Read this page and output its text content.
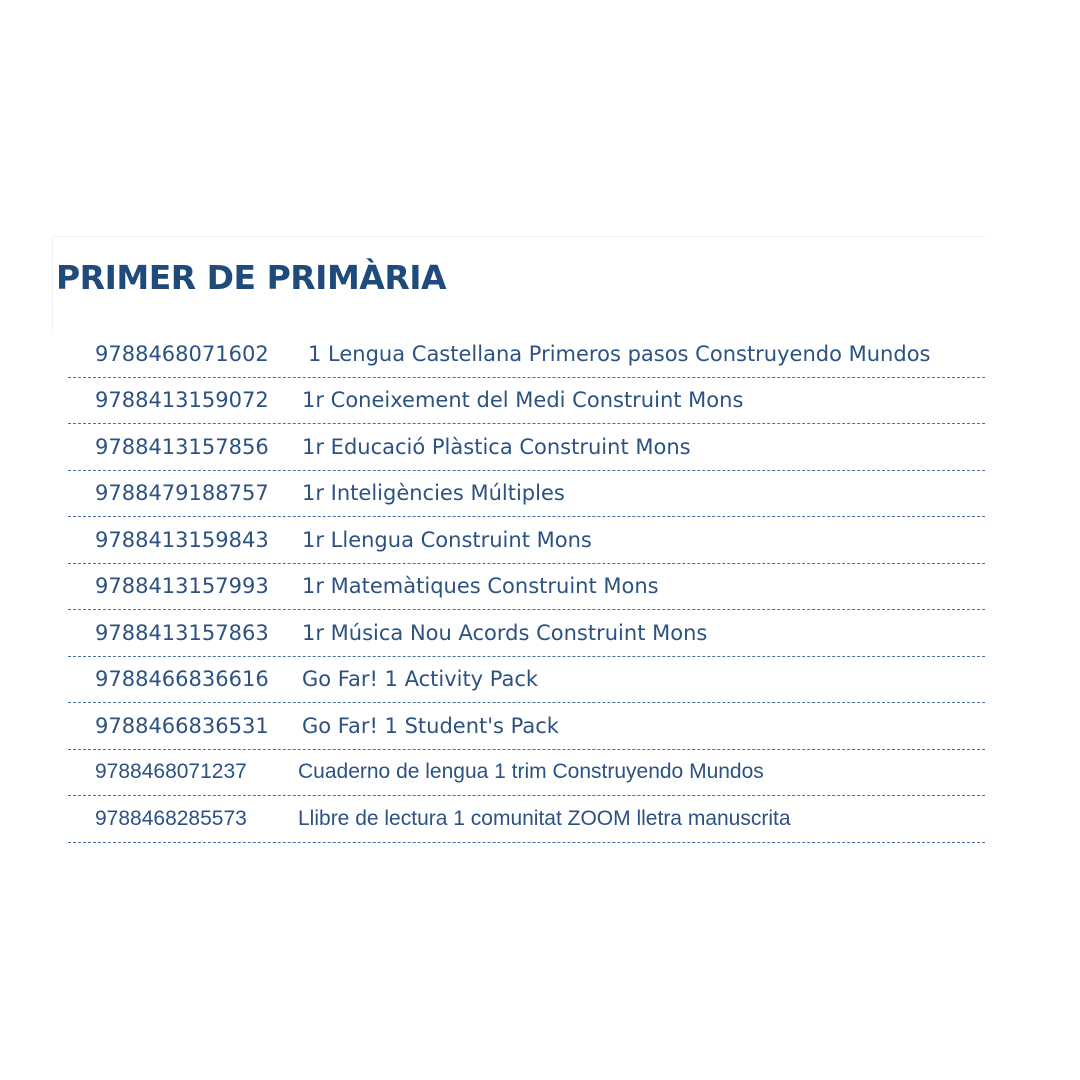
PRIMER DE PRIMÀRIA
9788468071602 1 Lengua Castellana Primeros pasos Construyendo Mundos
9788413159072 1r Coneixement del Medi Construint Mons
9788413157856 1r Educació Plàstica Construint Mons
9788479188757 1r Inteligències Múltiples
9788413159843 1r Llengua Construint Mons
9788413157993 1r Matemàtiques Construint Mons
9788413157863 1r Música Nou Acords Construint Mons
9788466836616 Go Far! 1 Activity Pack
9788466836531 Go Far! 1 Student's Pack
9788468071237 Cuaderno de lengua 1 trim Construyendo Mundos
9788468285573 Llibre de lectura 1 comunitat ZOOM lletra manuscrita
